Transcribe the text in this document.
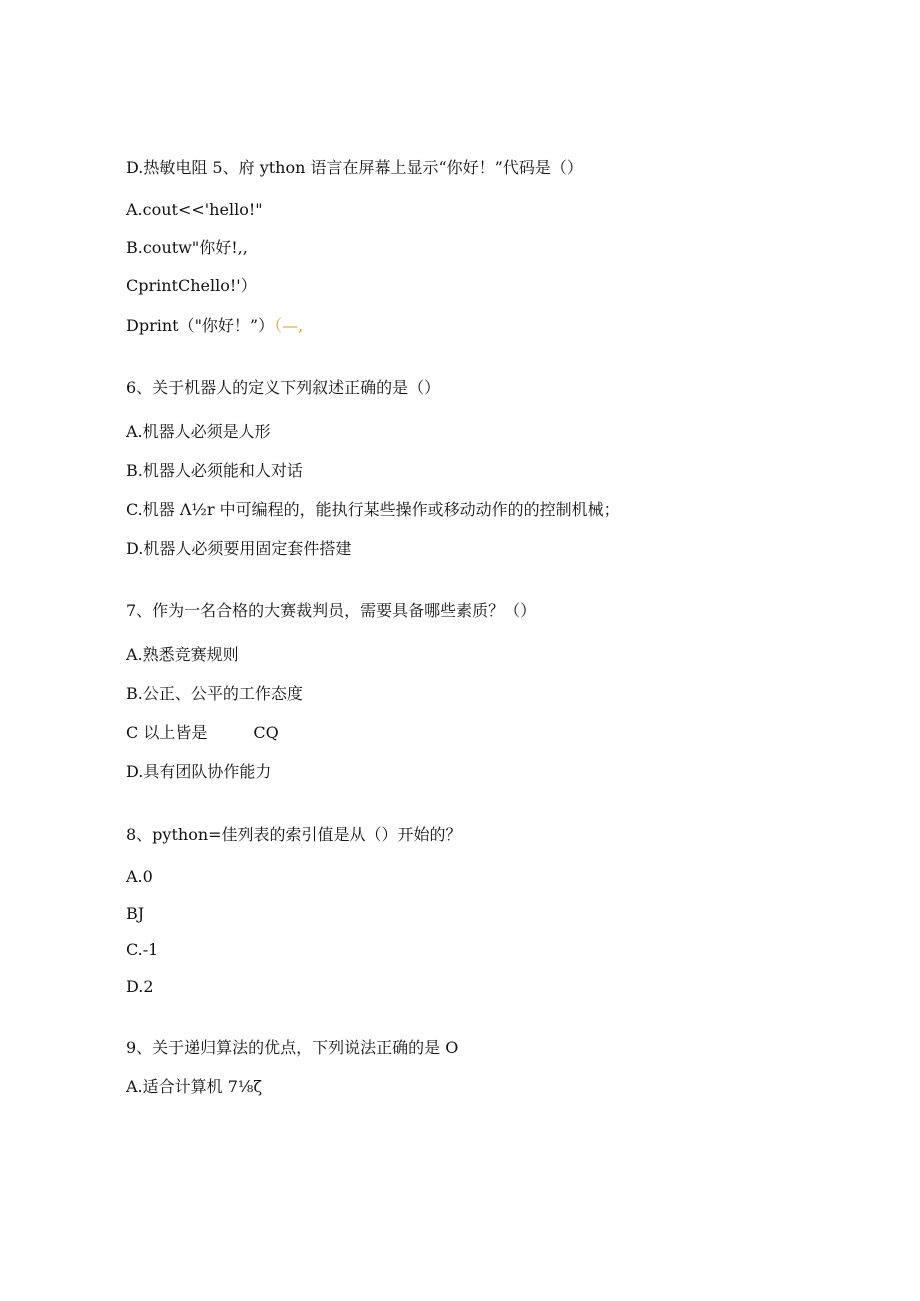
D.热敏电阻 5、府 ython 语言在屏幕上显示“你好！”代码是（）
A.cout<<'hello!"
B.coutw"你好!,,
CprintChello!'）
Dprint（"你好！”）（—,
6、关于机器人的定义下列叙述正确的是（）
A.机器人必须是人形
B.机器人必须能和人对话
C.机器 Λ½r 中可编程的，能执行某些操作或移动动作的的控制机械；
D.机器人必须要用固定套件搭建
7、作为一名合格的大赛裁判员，需要具备哪些素质？（）
A.熟悉竞赛规则
B.公正、公平的工作态度
C 以上皆是	CQ
D.具有团队协作能力
8、python=佳列表的索引值是从（）开始的？
A.0
BJ
C.-1
D.2
9、关于递归算法的优点，下列说法正确的是 O
A.适合计算机 7⅛ζ
